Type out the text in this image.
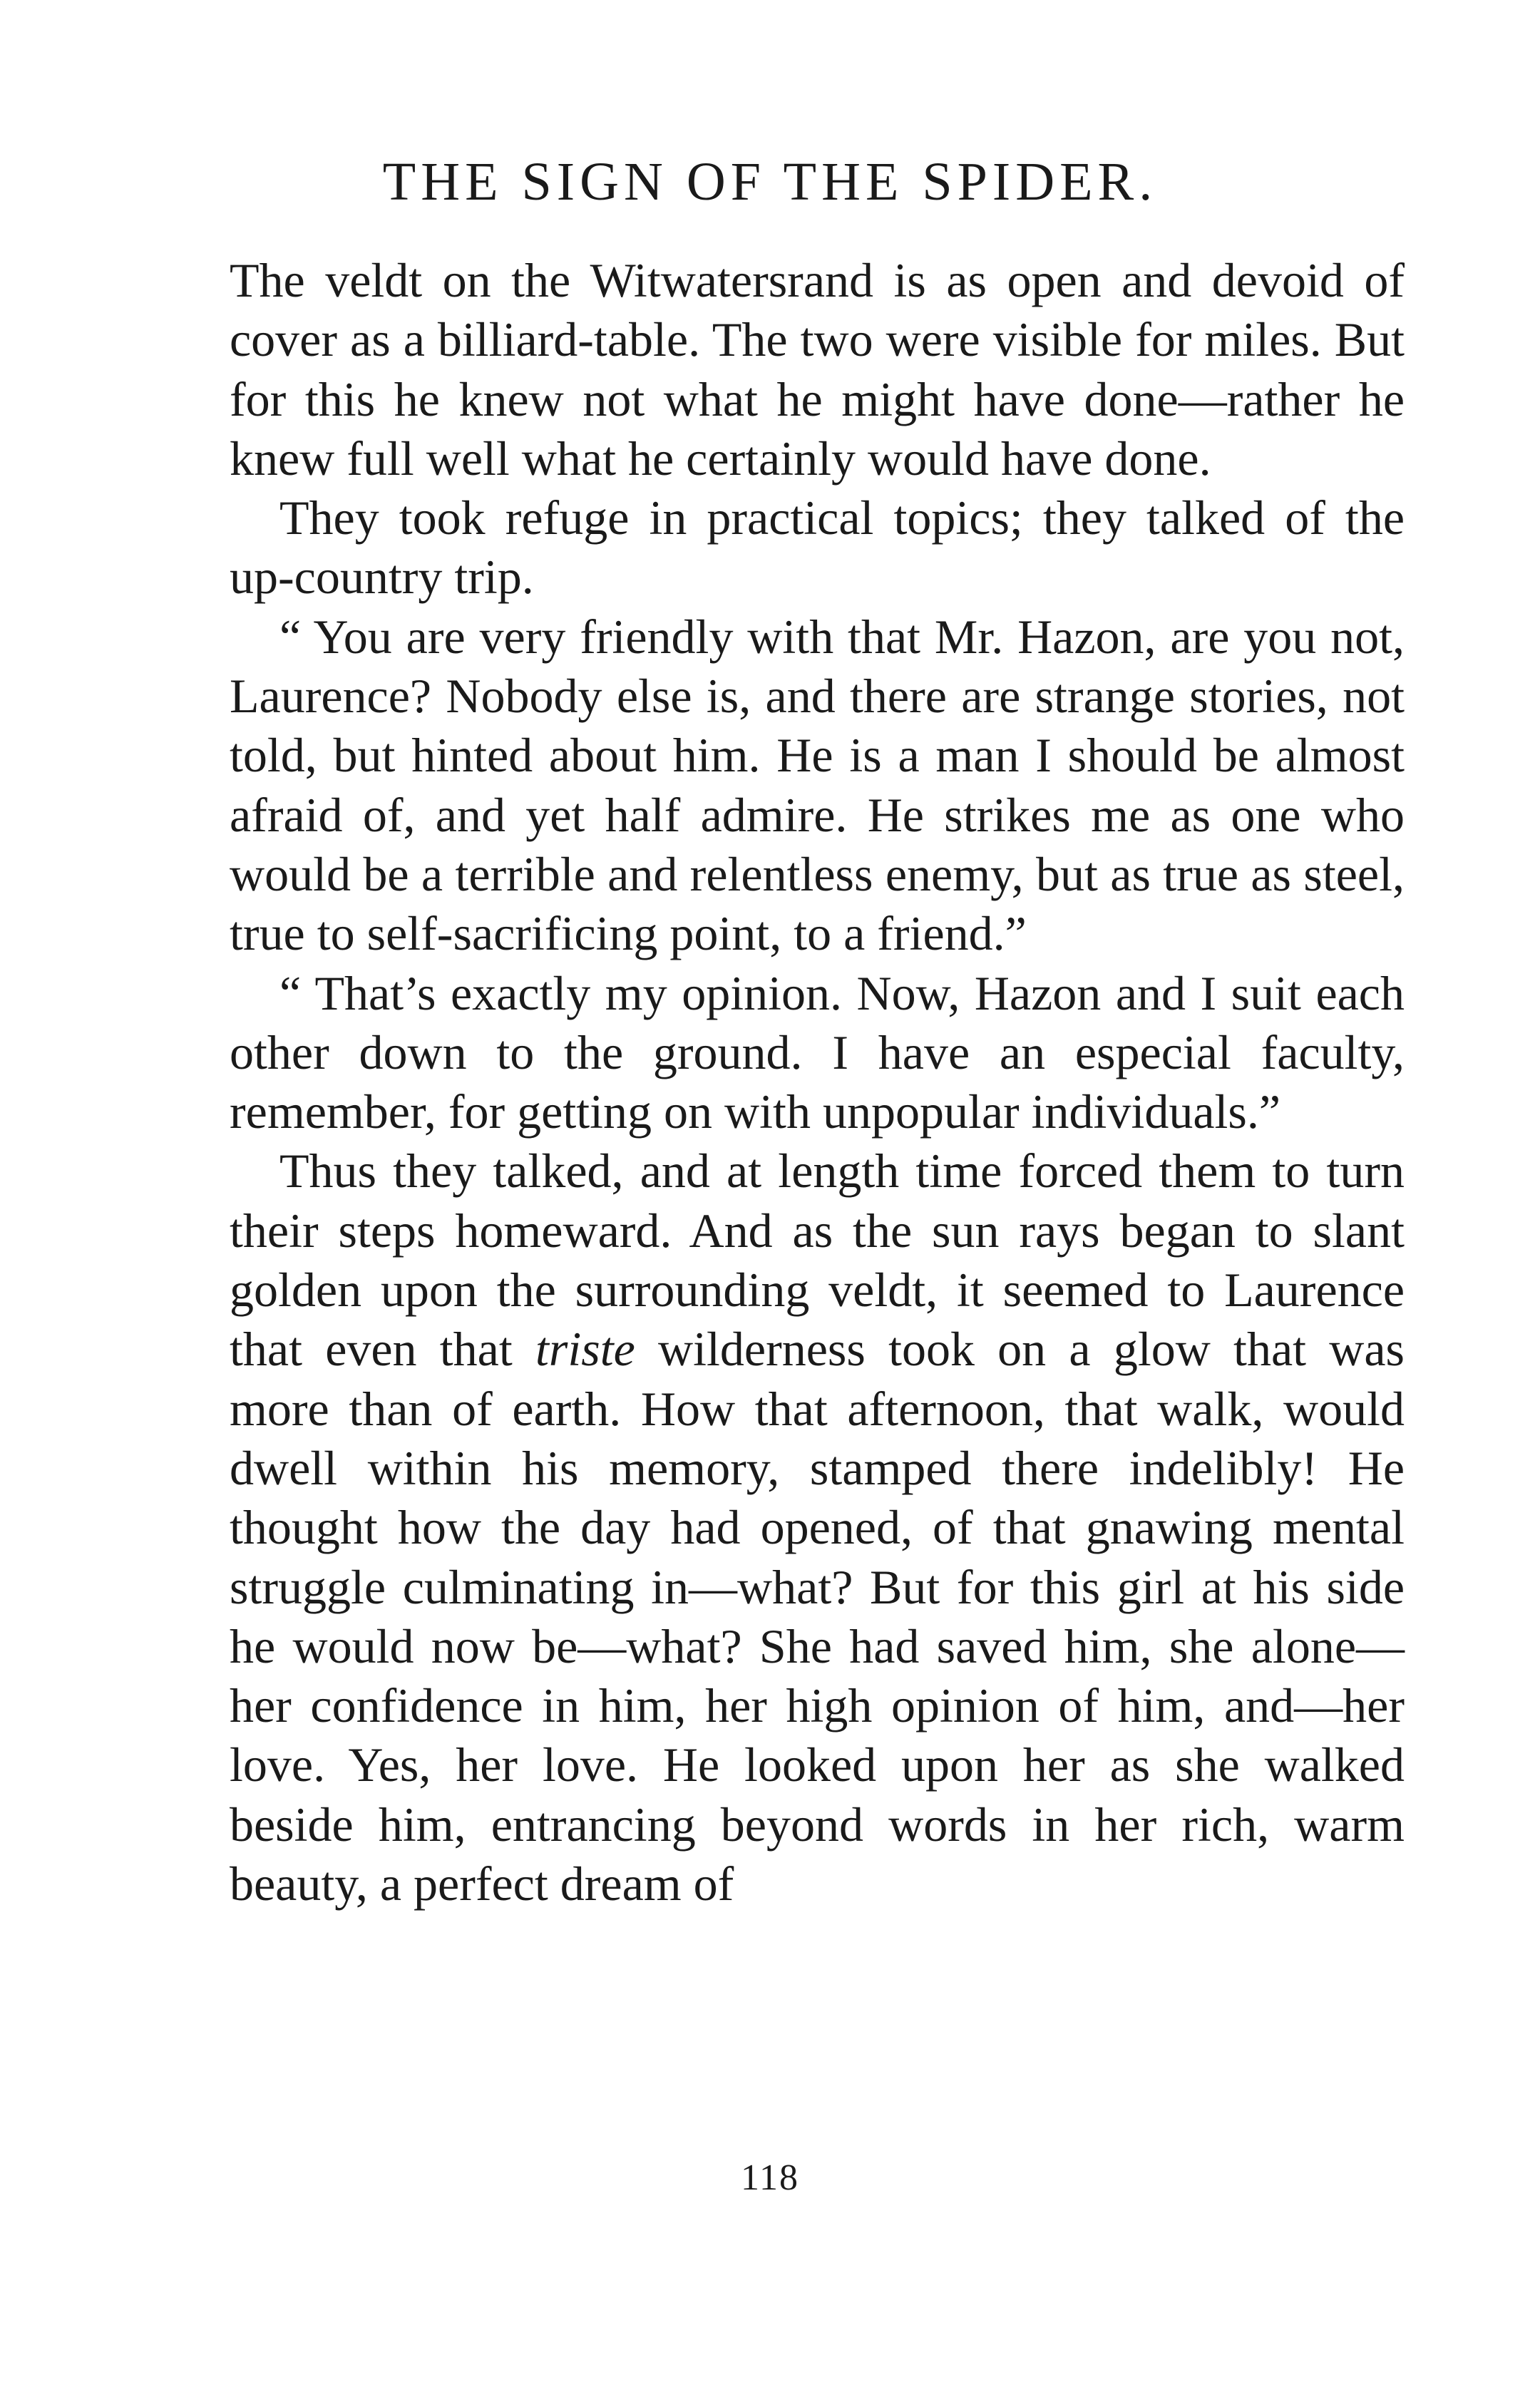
THE SIGN OF THE SPIDER.

The veldt on the Witwatersrand is as open and devoid of cover as a billiard-table. The two were visible for miles. But for this he knew not what he might have done—rather he knew full well what he certainly would have done.

They took refuge in practical topics; they talked of the up-country trip.

“ You are very friendly with that Mr. Hazon, are you not, Laurence? Nobody else is, and there are strange stories, not told, but hinted about him. He is a man I should be almost afraid of, and yet half admire. He strikes me as one who would be a terrible and relentless enemy, but as true as steel, true to self-sacrificing point, to a friend.”

“ That’s exactly my opinion. Now, Hazon and I suit each other down to the ground. I have an especial faculty, remember, for getting on with unpopular individuals.”

Thus they talked, and at length time forced them to turn their steps homeward. And as the sun rays began to slant golden upon the surrounding veldt, it seemed to Laurence that even that triste wilderness took on a glow that was more than of earth. How that afternoon, that walk, would dwell within his memory, stamped there indelibly! He thought how the day had opened, of that gnawing mental struggle culminating in—what? But for this girl at his side he would now be—what? She had saved him, she alone—her confidence in him, her high opinion of him, and—her love. Yes, her love. He looked upon her as she walked beside him, entrancing beyond words in her rich, warm beauty, a perfect dream of

118
